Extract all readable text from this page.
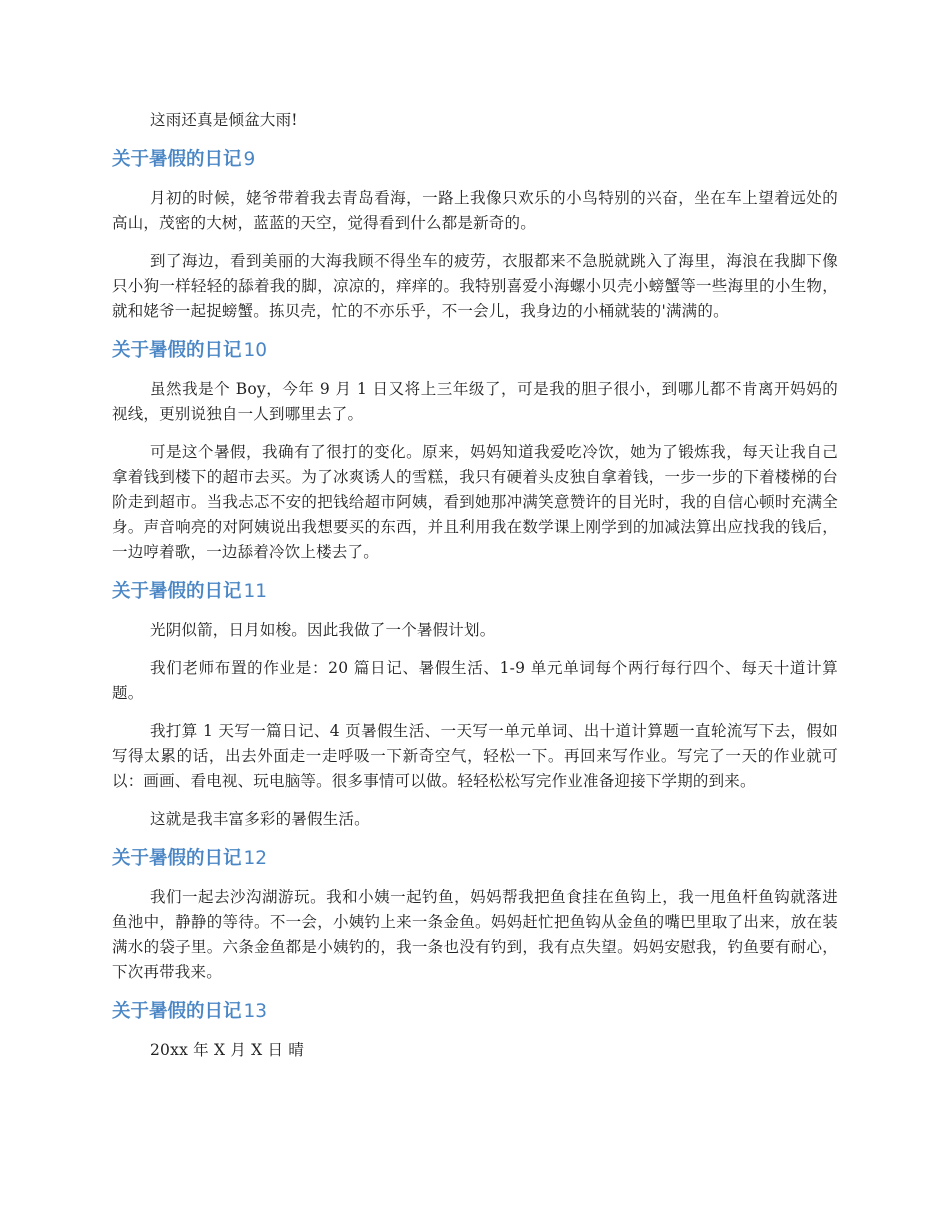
这雨还真是倾盆大雨!

关于暑假的日记 9

月初的时候，姥爷带着我去青岛看海，一路上我像只欢乐的小鸟特别的兴奋，坐在车上望着远处的高山，茂密的大树，蓝蓝的天空，觉得看到什么都是新奇的。

到了海边，看到美丽的大海我顾不得坐车的疲劳，衣服都来不急脱就跳入了海里，海浪在我脚下像只小狗一样轻轻的舔着我的脚，凉凉的，痒痒的。我特别喜爱小海螺小贝壳小螃蟹等一些海里的小生物，就和姥爷一起捉螃蟹。拣贝壳，忙的不亦乐乎，不一会儿，我身边的小桶就装的'满满的。

关于暑假的日记 10

虽然我是个 Boy，今年 9 月 1 日又将上三年级了，可是我的胆子很小，到哪儿都不肯离开妈妈的视线，更别说独自一人到哪里去了。

可是这个暑假，我确有了很打的变化。原来，妈妈知道我爱吃冷饮，她为了锻炼我，每天让我自己拿着钱到楼下的超市去买。为了冰爽诱人的雪糕，我只有硬着头皮独自拿着钱，一步一步的下着楼梯的台阶走到超市。当我忐忑不安的把钱给超市阿姨，看到她那冲满笑意赞许的目光时，我的自信心顿时充满全身。声音响亮的对阿姨说出我想要买的东西，并且利用我在数学课上刚学到的加减法算出应找我的钱后，一边哼着歌，一边舔着冷饮上楼去了。

关于暑假的日记 11

光阴似箭，日月如梭。因此我做了一个暑假计划。

我们老师布置的作业是：20 篇日记、暑假生活、1-9 单元单词每个两行每行四个、每天十道计算题。

我打算 1 天写一篇日记、4 页暑假生活、一天写一单元单词、出十道计算题一直轮流写下去，假如写得太累的话，出去外面走一走呼吸一下新奇空气，轻松一下。再回来写作业。写完了一天的作业就可以：画画、看电视、玩电脑等。很多事情可以做。轻轻松松写完作业准备迎接下学期的到来。

这就是我丰富多彩的暑假生活。

关于暑假的日记 12

我们一起去沙沟湖游玩。我和小姨一起钓鱼，妈妈帮我把鱼食挂在鱼钩上，我一甩鱼杆鱼钩就落进鱼池中，静静的等待。不一会，小姨钓上来一条金鱼。妈妈赶忙把鱼钩从金鱼的嘴巴里取了出来，放在装满水的袋子里。六条金鱼都是小姨钓的，我一条也没有钓到，我有点失望。妈妈安慰我，钓鱼要有耐心，下次再带我来。

关于暑假的日记 13

20xx 年 X 月 X 日 晴
